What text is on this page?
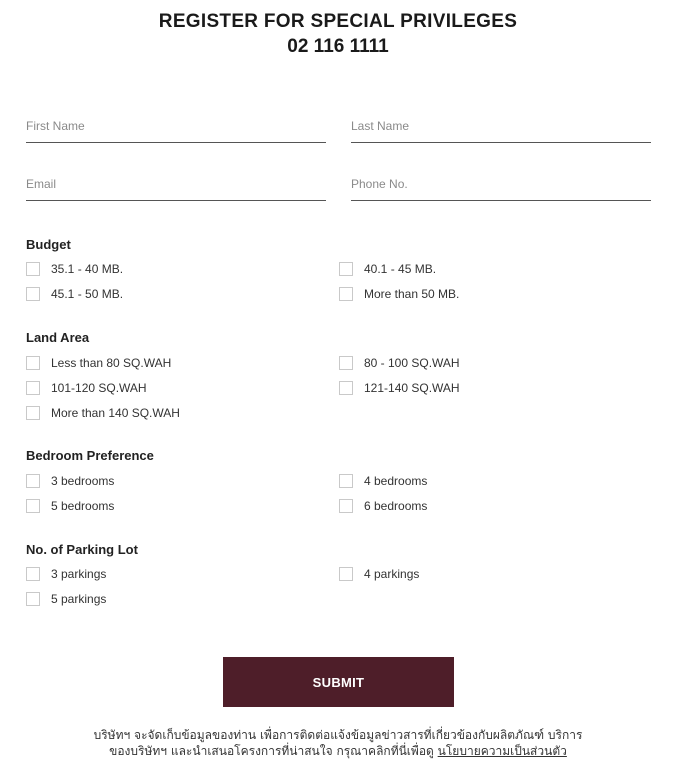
REGISTER FOR SPECIAL PRIVILEGES
02 116 1111
First Name
Last Name
Email
Phone No.
Budget
35.1 - 40 MB.	40.1 - 45 MB.
45.1 - 50 MB.	More than 50 MB.
Land Area
Less than 80 SQ.WAH	80 - 100 SQ.WAH
101-120 SQ.WAH	121-140 SQ.WAH
More than 140 SQ.WAH
Bedroom Preference
3 bedrooms	4 bedrooms
5 bedrooms	6 bedrooms
No. of Parking Lot
3 parkings	4 parkings
5 parkings
SUBMIT
บริษัทฯ จะจัดเก็บข้อมูลของท่าน เพื่อการติดต่อแจ้งข้อมูลข่าวสารที่เกี่ยวข้องกับผลิตภัณฑ์ บริการ
ของบริษัทฯ และนำเสนอโครงการที่น่าสนใจ กรุณาคลิกที่นี่เพื่อดู นโยบายความเป็นส่วนตัว
